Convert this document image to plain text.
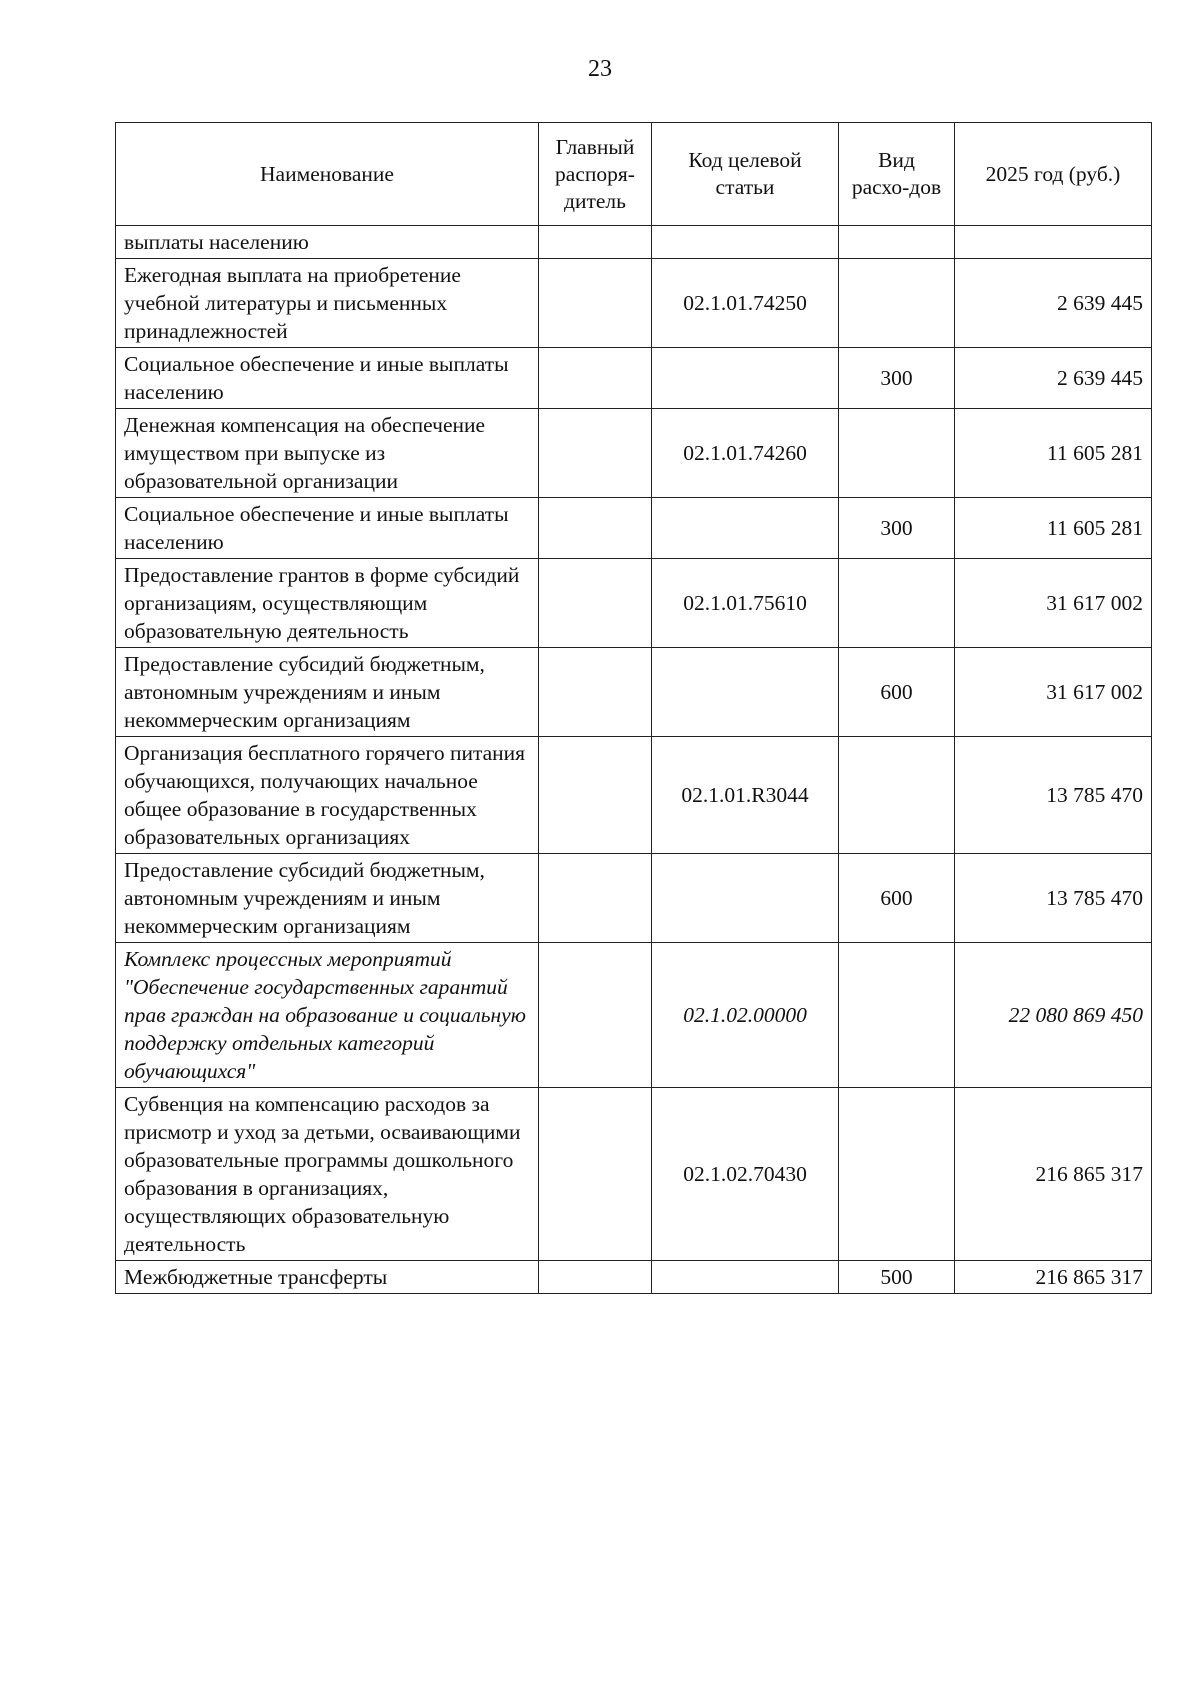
23
Наименование	Главный распоря-дитель	Код целевой статьи	Вид расхо-дов	2025 год (руб.)
выплаты населению				
Ежегодная выплата на приобретение учебной литературы и письменных принадлежностей		02.1.01.74250		2 639 445
Социальное обеспечение и иные выплаты населению			300	2 639 445
Денежная компенсация на обеспечение имуществом при выпуске из образовательной организации		02.1.01.74260		11 605 281
Социальное обеспечение и иные выплаты населению			300	11 605 281
Предоставление грантов в форме субсидий организациям, осуществляющим образовательную деятельность		02.1.01.75610		31 617 002
Предоставление субсидий бюджетным, автономным учреждениям и иным некоммерческим организациям			600	31 617 002
Организация бесплатного горячего питания обучающихся, получающих начальное общее образование в государственных образовательных организациях		02.1.01.R3044		13 785 470
Предоставление субсидий бюджетным, автономным учреждениям и иным некоммерческим организациям			600	13 785 470
Комплекс процессных мероприятий "Обеспечение государственных гарантий прав граждан на образование и социальную поддержку отдельных категорий обучающихся"		02.1.02.00000		22 080 869 450
Субвенция на компенсацию расходов за присмотр и уход за детьми, осваивающими образовательные программы дошкольного образования в организациях, осуществляющих образовательную деятельность		02.1.02.70430		216 865 317
Межбюджетные трансферты			500	216 865 317
